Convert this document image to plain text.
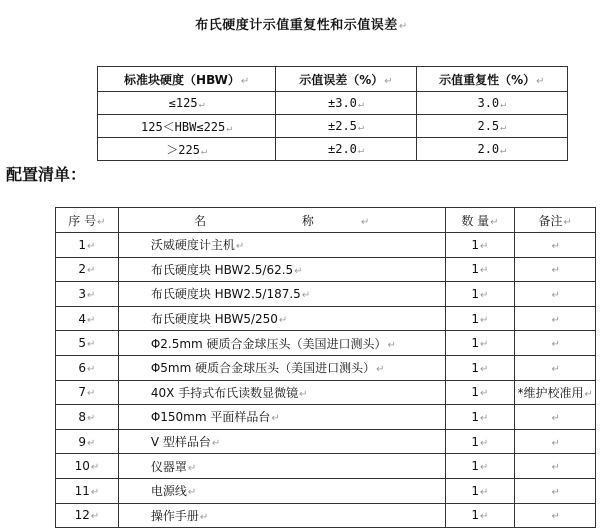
布氏硬度计示值重复性和示值误差↵
标准块硬度（HBW）↵	示值误差（%）↵	示值重复性（%）↵
≤125↵	±3.0↵	3.0↵
125＜HBW≤225↵	±2.5↵	2.5↵
＞225↵	±2.0↵	2.0↵
配置清单：
序 号↵	名 称↵	数 量↵	备注↵
1↵	沃威硬度计主机↵	1↵	↵
2↵	布氏硬度块 HBW2.5/62.5↵	1↵	↵
3↵	布氏硬度块 HBW2.5/187.5↵	1↵	↵
4↵	布氏硬度块 HBW5/250↵	1↵	↵
5↵	Φ2.5mm 硬质合金球压头（美国进口测头）↵	1↵	↵
6↵	Φ5mm 硬质合金球压头（美国进口测头）↵	1↵	↵
7↵	40X 手持式布氏读数显微镜↵	1↵	*维护校准用↵
8↵	Φ150mm 平面样品台↵	1↵	↵
9↵	V 型样品台↵	1↵	↵
10↵	仪器罩↵	1↵	↵
11↵	电源线↵	1↵	↵
12↵	操作手册↵	1↵	↵
